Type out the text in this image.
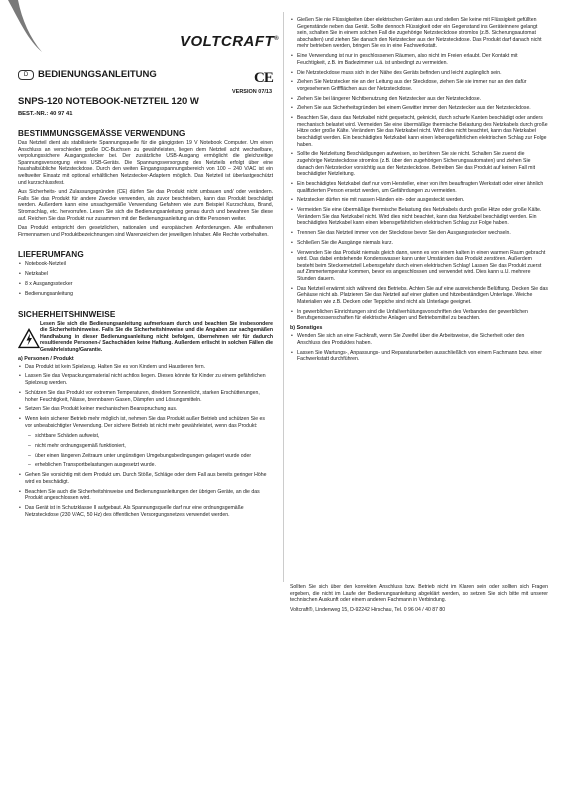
VOLTCRAFT®
D	BEDIENUNGSANLEITUNG	CE
VERSION 07/13
SNPS-120 NOTEBOOK-NETZTEIL 120 W
BEST.-NR.: 40 97 41
BESTIMMUNGSGEMÄSSE VERWENDUNG

Das Netzteil dient als stabilisierte Spannungsquelle für die gängigsten 19 V Notebook Computer. Um einen Anschluss an verschieden große DC-Buchsen zu gewährleisten, liegen dem Netzteil acht wechselbare, verpolungssichere Ausgangsstecker bei. Der zusätzliche USB-Ausgang ermöglicht die gleichzeitige Spannungsversorgung eines USB-Geräts. Die Spannungsversorgung des Netzteils erfolgt über eine haushaltsübliche Netzsteckdose. Durch den weiten Eingangsspannungsbereich von 100 – 240 V/AC ist ein weltweiter Einsatz mit optional erhältlichen Netzstecker-Adaptern möglich. Das Netzteil ist überlastgeschützt und kurzschlussfest.

Aus Sicherheits- und Zulassungsgründen (CE) dürfen Sie das Produkt nicht umbauen und/ oder verändern. Falls Sie das Produkt für andere Zwecke verwenden, als zuvor beschrieben, kann das Produkt beschädigt werden. Außerdem kann eine unsachgemäße Verwendung Gefahren wie zum Beispiel Kurzschluss, Brand, Stromschlag, etc. hervorrufen. Lesen Sie sich die Bedienungsanleitung genau durch und bewahren Sie diese auf. Reichen Sie das Produkt nur zusammen mit der Bedienungsanleitung an dritte Personen weiter.

Das Produkt entspricht den gesetzlichen, nationalen und europäischen Anforderungen. Alle enthaltenen Firmennamen und Produktbezeichnungen sind Warenzeichen der jeweiligen Inhaber. Alle Rechte vorbehalten.

LIEFERUMFANG
• Notebook-Netzteil
• Netzkabel
• 8 x Ausgangsstecker
• Bedienungsanleitung
SICHERHEITSHINWEISE
Lesen Sie sich die Bedienungsanleitung aufmerksam durch und beachten Sie insbesondere die Sicherheitshinweise. Falls Sie die Sicherheitshinweise und die Angaben zur sachgemäßen Handhabung in dieser Bedienungsanleitung nicht befolgen, übernehmen wir für dadurch resultierende Personen-/ Sachschäden keine Haftung. Außerdem erlischt in solchen Fällen die Gewährleistung/Garantie.
a) Personen / Produkt
• Das Produkt ist kein Spielzeug. Halten Sie es von Kindern und Haustieren fern.
• Lassen Sie das Verpackungsmaterial nicht achtlos liegen. Dieses könnte für Kinder zu einem gefährlichen Spielzeug werden.
• Schützen Sie das Produkt vor extremen Temperaturen, direktem Sonnenlicht, starken Erschütterungen, hoher Feuchtigkeit, Nässe, brennbaren Gasen, Dämpfen und Lösungsmitteln.
• Setzen Sie das Produkt keiner mechanischen Beanspruchung aus.
• Wenn kein sicherer Betrieb mehr möglich ist, nehmen Sie das Produkt außer Betrieb und schützen Sie es vor unbeabsichtigter Verwendung. Der sichere Betrieb ist nicht mehr gewährleistet, wenn das Produkt:
– sichtbare Schäden aufweist,
– nicht mehr ordnungsgemäß funktioniert,
– über einen längeren Zeitraum unter ungünstigen Umgebungsbedingungen gelagert wurde oder
– erheblichen Transportbelastungen ausgesetzt wurde.
• Gehen Sie vorsichtig mit dem Produkt um. Durch Stöße, Schläge oder dem Fall aus bereits geringer Höhe wird es beschädigt.
• Beachten Sie auch die Sicherheitshinweise und Bedienungsanleitungen der übrigen Geräte, an die das Produkt angeschlossen wird.
• Das Gerät ist in Schutzklasse II aufgebaut. Als Spannungsquelle darf nur eine ordnungsgemäße Netzsteckdose (230 V/AC, 50 Hz) des öffentlichen Versorgungsnetzes verwendet werden.
• Gießen Sie nie Flüssigkeiten über elektrischen Geräten aus und stellen Sie keine mit Flüssigkeit gefüllten Gegenstände neben das Gerät. Sollte dennoch Flüssigkeit oder ein Gegenstand ins Geräteinnere gelangt sein, schalten Sie in einem solchen Fall die zugehörige Netzsteckdose stromlos (z.B. Sicherungsautomat abschalten) und ziehen Sie danach den Netzstecker aus der Netzsteckdose. Das Produkt darf danach nicht mehr betrieben werden, bringen Sie es in eine Fachwerkstatt.
• Eine Verwendung ist nur in geschlossenen Räumen, also nicht im Freien erlaubt. Der Kontakt mit Feuchtigkeit, z.B. im Badezimmer u.ä. ist unbedingt zu vermeiden.
• Die Netzsteckdose muss sich in der Nähe des Geräts befinden und leicht zugänglich sein.
• Ziehen Sie Netzstecker nie an der Leitung aus der Steckdose, ziehen Sie sie immer nur an den dafür vorgesehenen Griffflächen aus der Netzsteckdose.
• Ziehen Sie bei längerer Nichtbenutzung den Netzstecker aus der Netzsteckdose.
• Ziehen Sie aus Sicherheitsgründen bei einem Gewitter immer den Netzstecker aus der Netzsteckdose.
• Beachten Sie, dass das Netzkabel nicht gequetscht, geknickt, durch scharfe Kanten beschädigt oder anders mechanisch belastet wird. Vermeiden Sie eine übermäßige thermische Belastung des Netzkabels durch große Hitze oder große Kälte. Verändern Sie das Netzkabel nicht. Wird dies nicht beachtet, kann das Netzkabel beschädigt werden. Ein beschädigtes Netzkabel kann einen lebensgefährlichen elektrischen Schlag zur Folge haben.
• Sollte die Netzleitung Beschädigungen aufweisen, so berühren Sie sie nicht. Schalten Sie zuerst die zugehörige Netzsteckdose stromlos (z.B. über den zugehörigen Sicherungsautomaten) und ziehen Sie danach den Netzstecker vorsichtig aus der Netzsteckdose. Betreiben Sie das Produkt auf keinen Fall mit beschädigter Netzleitung.
• Ein beschädigtes Netzkabel darf nur vom Hersteller, einer von ihm beauftragten Werkstatt oder einer ähnlich qualifizierten Person ersetzt werden, um Gefährdungen zu vermeiden.
• Netzstecker dürfen nie mit nassen Händen ein- oder ausgesteckt werden.
• Vermeiden Sie eine übermäßige thermische Belastung des Netzkabels durch große Hitze oder große Kälte. Verändern Sie das Netzkabel nicht. Wird dies nicht beachtet, kann das Netzkabel beschädigt werden. Ein beschädigtes Netzkabel kann einen lebensgefährlichen elektrischen Schlag zur Folge haben.
• Trennen Sie das Netzteil immer von der Steckdose bevor Sie den Ausgangsstecker wechseln.
• Schließen Sie die Ausgänge niemals kurz.
• Verwenden Sie das Produkt niemals gleich dann, wenn es von einem kalten in einen warmen Raum gebracht wird. Das dabei entstehende Kondenswasser kann unter Umständen das Produkt zerstören. Außerdem besteht beim Steckernetzteil Lebensgefahr durch einen elektrischen Schlag! Lassen Sie das Produkt zuerst auf Zimmertemperatur kommen, bevor es angeschlossen und verwendet wird. Dies kann u.U. mehrere Stunden dauern.
• Das Netzteil erwärmt sich während des Betriebs. Achten Sie auf eine ausreichende Belüftung. Decken Sie das Gehäuse nicht ab. Platzieren Sie das Netzteil auf einer glatten und hitzebeständigen Unterlage. Weiche Materialien wie z.B. Decken oder Teppiche sind nicht als Unterlage geeignet.
• In gewerblichen Einrichtungen sind die Unfallverhütungsvorschriften des Verbandes der gewerblichen Berufsgenossenschaften für elektrische Anlagen und Betriebsmittel zu beachten.
b) Sonstiges
• Wenden Sie sich an eine Fachkraft, wenn Sie Zweifel über die Arbeitsweise, die Sicherheit oder den Anschluss des Produktes haben.
• Lassen Sie Wartungs-, Anpassungs- und Reparaturarbeiten ausschließlich von einem Fachmann bzw. einer Fachwerkstatt durchführen.

Sollten Sie sich über den korrekten Anschluss bzw. Betrieb nicht im Klaren sein oder sollten sich Fragen ergeben, die nicht im Laufe der Bedienungsanleitung abgeklärt werden, so setzen Sie sich bitte mit unserer technischen Auskunft oder einem anderen Fachmann in Verbindung.

Voltcraft®, Lindenweg 15, D-92242 Hirschau, Tel. 0 96 04 / 40 87 80
